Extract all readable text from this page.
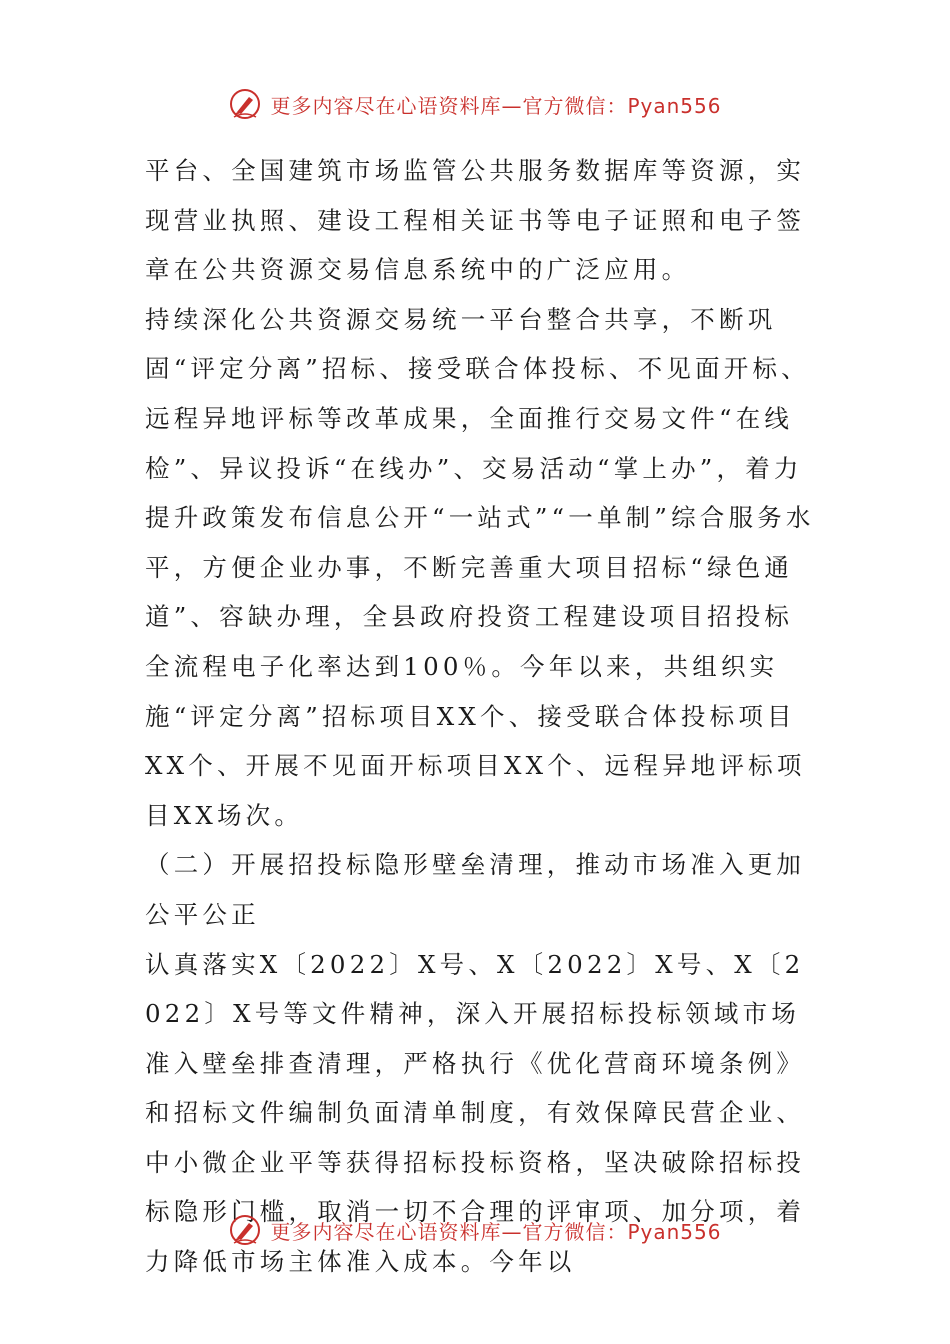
更多内容尽在心语资料库—官方微信：Pyan556

平台、全国建筑市场监管公共服务数据库等资源，实现营业执照、建设工程相关证书等电子证照和电子签章在公共资源交易信息系统中的广泛应用。

持续深化公共资源交易统一平台整合共享，不断巩固“评定分离”招标、接受联合体投标、不见面开标、远程异地评标等改革成果，全面推行交易文件“在线检”、异议投诉“在线办”、交易活动“掌上办”，着力提升政策发布信息公开“一站式”“一单制”综合服务水平，方便企业办事，不断完善重大项目招标“绿色通道”、容缺办理，全县政府投资工程建设项目招投标全流程电子化率达到100％。今年以来，共组织实施“评定分离”招标项目XX个、接受联合体投标项目XX个、开展不见面开标项目XX个、远程异地评标项目XX场次。

（二）开展招投标隐形壁垒清理，推动市场准入更加公平公正

认真落实X〔2022〕X号、X〔2022〕X号、X〔2022〕X号等文件精神，深入开展招标投标领域市场准入壁垒排查清理，严格执行《优化营商环境条例》和招标文件编制负面清单制度，有效保障民营企业、中小微企业平等获得招标投标资格，坚决破除招标投标隐形门槛，取消一切不合理的评审项、加分项，着力降低市场主体准入成本。今年以

更多内容尽在心语资料库—官方微信：Pyan556
